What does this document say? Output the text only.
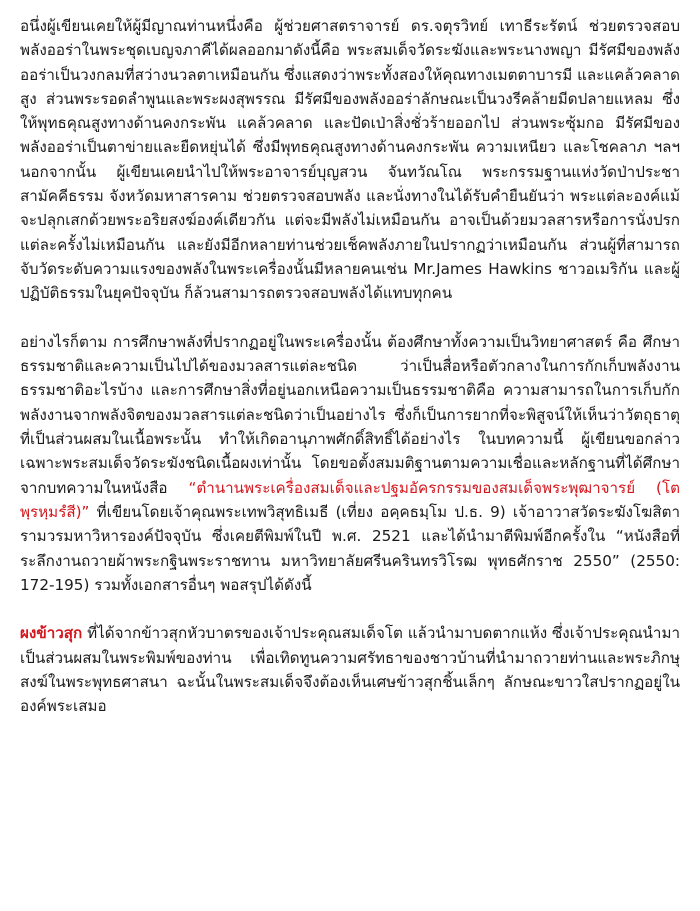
อนึ่งผู้เขียนเคยให้ผู้มีญาณท่านหนึ่งคือ ผู้ช่วยศาสตราจารย์ ดร.จตุรวิทย์ เทาธีระรัตน์ ช่วยตรวจสอบพลังออร่าในพระชุดเบญจภาคีได้ผลออกมาดังนี้คือ พระสมเด็จวัดระฆังและพระนางพญา มีรัศมีของพลังออร่าเป็นวงกลมที่สว่างนวลตาเหมือนกัน ซึ่งแสดงว่าพระทั้งสองให้คุณทางเมตตาบารมี และแคล้วคลาดสูง ส่วนพระรอดลำพูนและพระผงสุพรรณ มีรัศมีของพลังออร่าลักษณะเป็นวงรีคล้ายมีดปลายแหลม ซึ่งให้พุทธคุณสูงทางด้านคงกระพัน แคล้วคลาด และปัดเป่าสิ่งชั่วร้ายออกไป ส่วนพระซุ้มกอ มีรัศมีของพลังออร่าเป็นตาข่ายและยืดหยุ่นได้ ซึ่งมีพุทธคุณสูงทางด้านคงกระพัน ความเหนียว และโชคลาภ ฯลฯ นอกจากนั้น ผู้เขียนเคยนำไปให้พระอาจารย์บุญสวน จันทวัณโณ พระกรรมฐานแห่งวัดป่าประชาสามัคคีธรรม จังหวัดมหาสารคาม ช่วยตรวจสอบพลัง และนั่งทางในได้รับคำยืนยันว่า พระแต่ละองค์แม้จะปลุกเสกด้วยพระอริยสงฆ์องค์เดียวกัน แต่จะมีพลังไม่เหมือนกัน อาจเป็นด้วยมวลสารหรือการนั่งปรกแต่ละครั้งไม่เหมือนกัน และยังมีอีกหลายท่านช่วยเช็คพลังภายในปรากฏว่าเหมือนกัน ส่วนผู้ที่สามารถจับวัดระดับความแรงของพลังในพระเครื่องนั้นมีหลายคนเช่น Mr.James Hawkins ชาวอเมริกัน และผู้ปฏิบัติธรรมในยุคปัจจุบัน ก็ล้วนสามารถตรวจสอบพลังได้แทบทุกคน

อย่างไรก็ตาม การศึกษาพลังที่ปรากฏอยู่ในพระเครื่องนั้น ต้องศึกษาทั้งความเป็นวิทยาศาสตร์ คือ ศึกษาธรรมชาติและความเป็นไปได้ของมวลสารแต่ละชนิด ว่าเป็นสื่อหรือตัวกลางในการกักเก็บพลังงานธรรมชาติอะไรบ้าง และการศึกษาสิ่งที่อยู่นอกเหนือความเป็นธรรมชาติคือ ความสามารถในการเก็บกักพลังงานจากพลังจิตของมวลสารแต่ละชนิดว่าเป็นอย่างไร ซึ่งก็เป็นการยากที่จะพิสูจน์ให้เห็นว่าวัตถุธาตุที่เป็นส่วนผสมในเนื้อพระนั้น ทำให้เกิดอานุภาพศักดิ์สิทธิ์ได้อย่างไร ในบทความนี้ ผู้เขียนขอกล่าวเฉพาะพระสมเด็จวัดระฆังชนิดเนื้อผงเท่านั้น โดยขอตั้งสมมติฐานตามความเชื่อและหลักฐานที่ได้ศึกษาจากบทความในหนังสือ “ตำนานพระเครื่องสมเด็จและปฐมอัครกรรมของสมเด็จพระพุฒาจารย์ (โต พฺรหฺมรํสี)” ที่เขียนโดยเจ้าคุณพระเทพวิสุทธิเมธี (เที่ยง อคฺคธมฺโม ป.ธ. 9) เจ้าอาวาสวัดระฆังโฆสิตารามวรมหาวิหารองค์ปัจจุบัน ซึ่งเคยตีพิมพ์ในปี พ.ศ. 2521 และได้นำมาตีพิมพ์อีกครั้งใน “หนังสือที่ระลึกงานถวายผ้าพระกฐินพระราชทาน มหาวิทยาลัยศรีนครินทรวิโรฒ พุทธศักราช 2550” (2550: 172-195) รวมทั้งเอกสารอื่นๆ พอสรุปได้ดังนี้

ผงข้าวสุก ที่ได้จากข้าวสุกหัวบาตรของเจ้าประคุณสมเด็จโต แล้วนำมาบดตากแห้ง ซึ่งเจ้าประคุณนำมาเป็นส่วนผสมในพระพิมพ์ของท่าน เพื่อเทิดทูนความศรัทธาของชาวบ้านที่นำมาถวายท่านและพระภิกษุสงฆ์ในพระพุทธศาสนา ฉะนั้นในพระสมเด็จจึงต้องเห็นเศษข้าวสุกชิ้นเล็กๆ ลักษณะขาวใสปรากฏอยู่ในองค์พระเสมอ
